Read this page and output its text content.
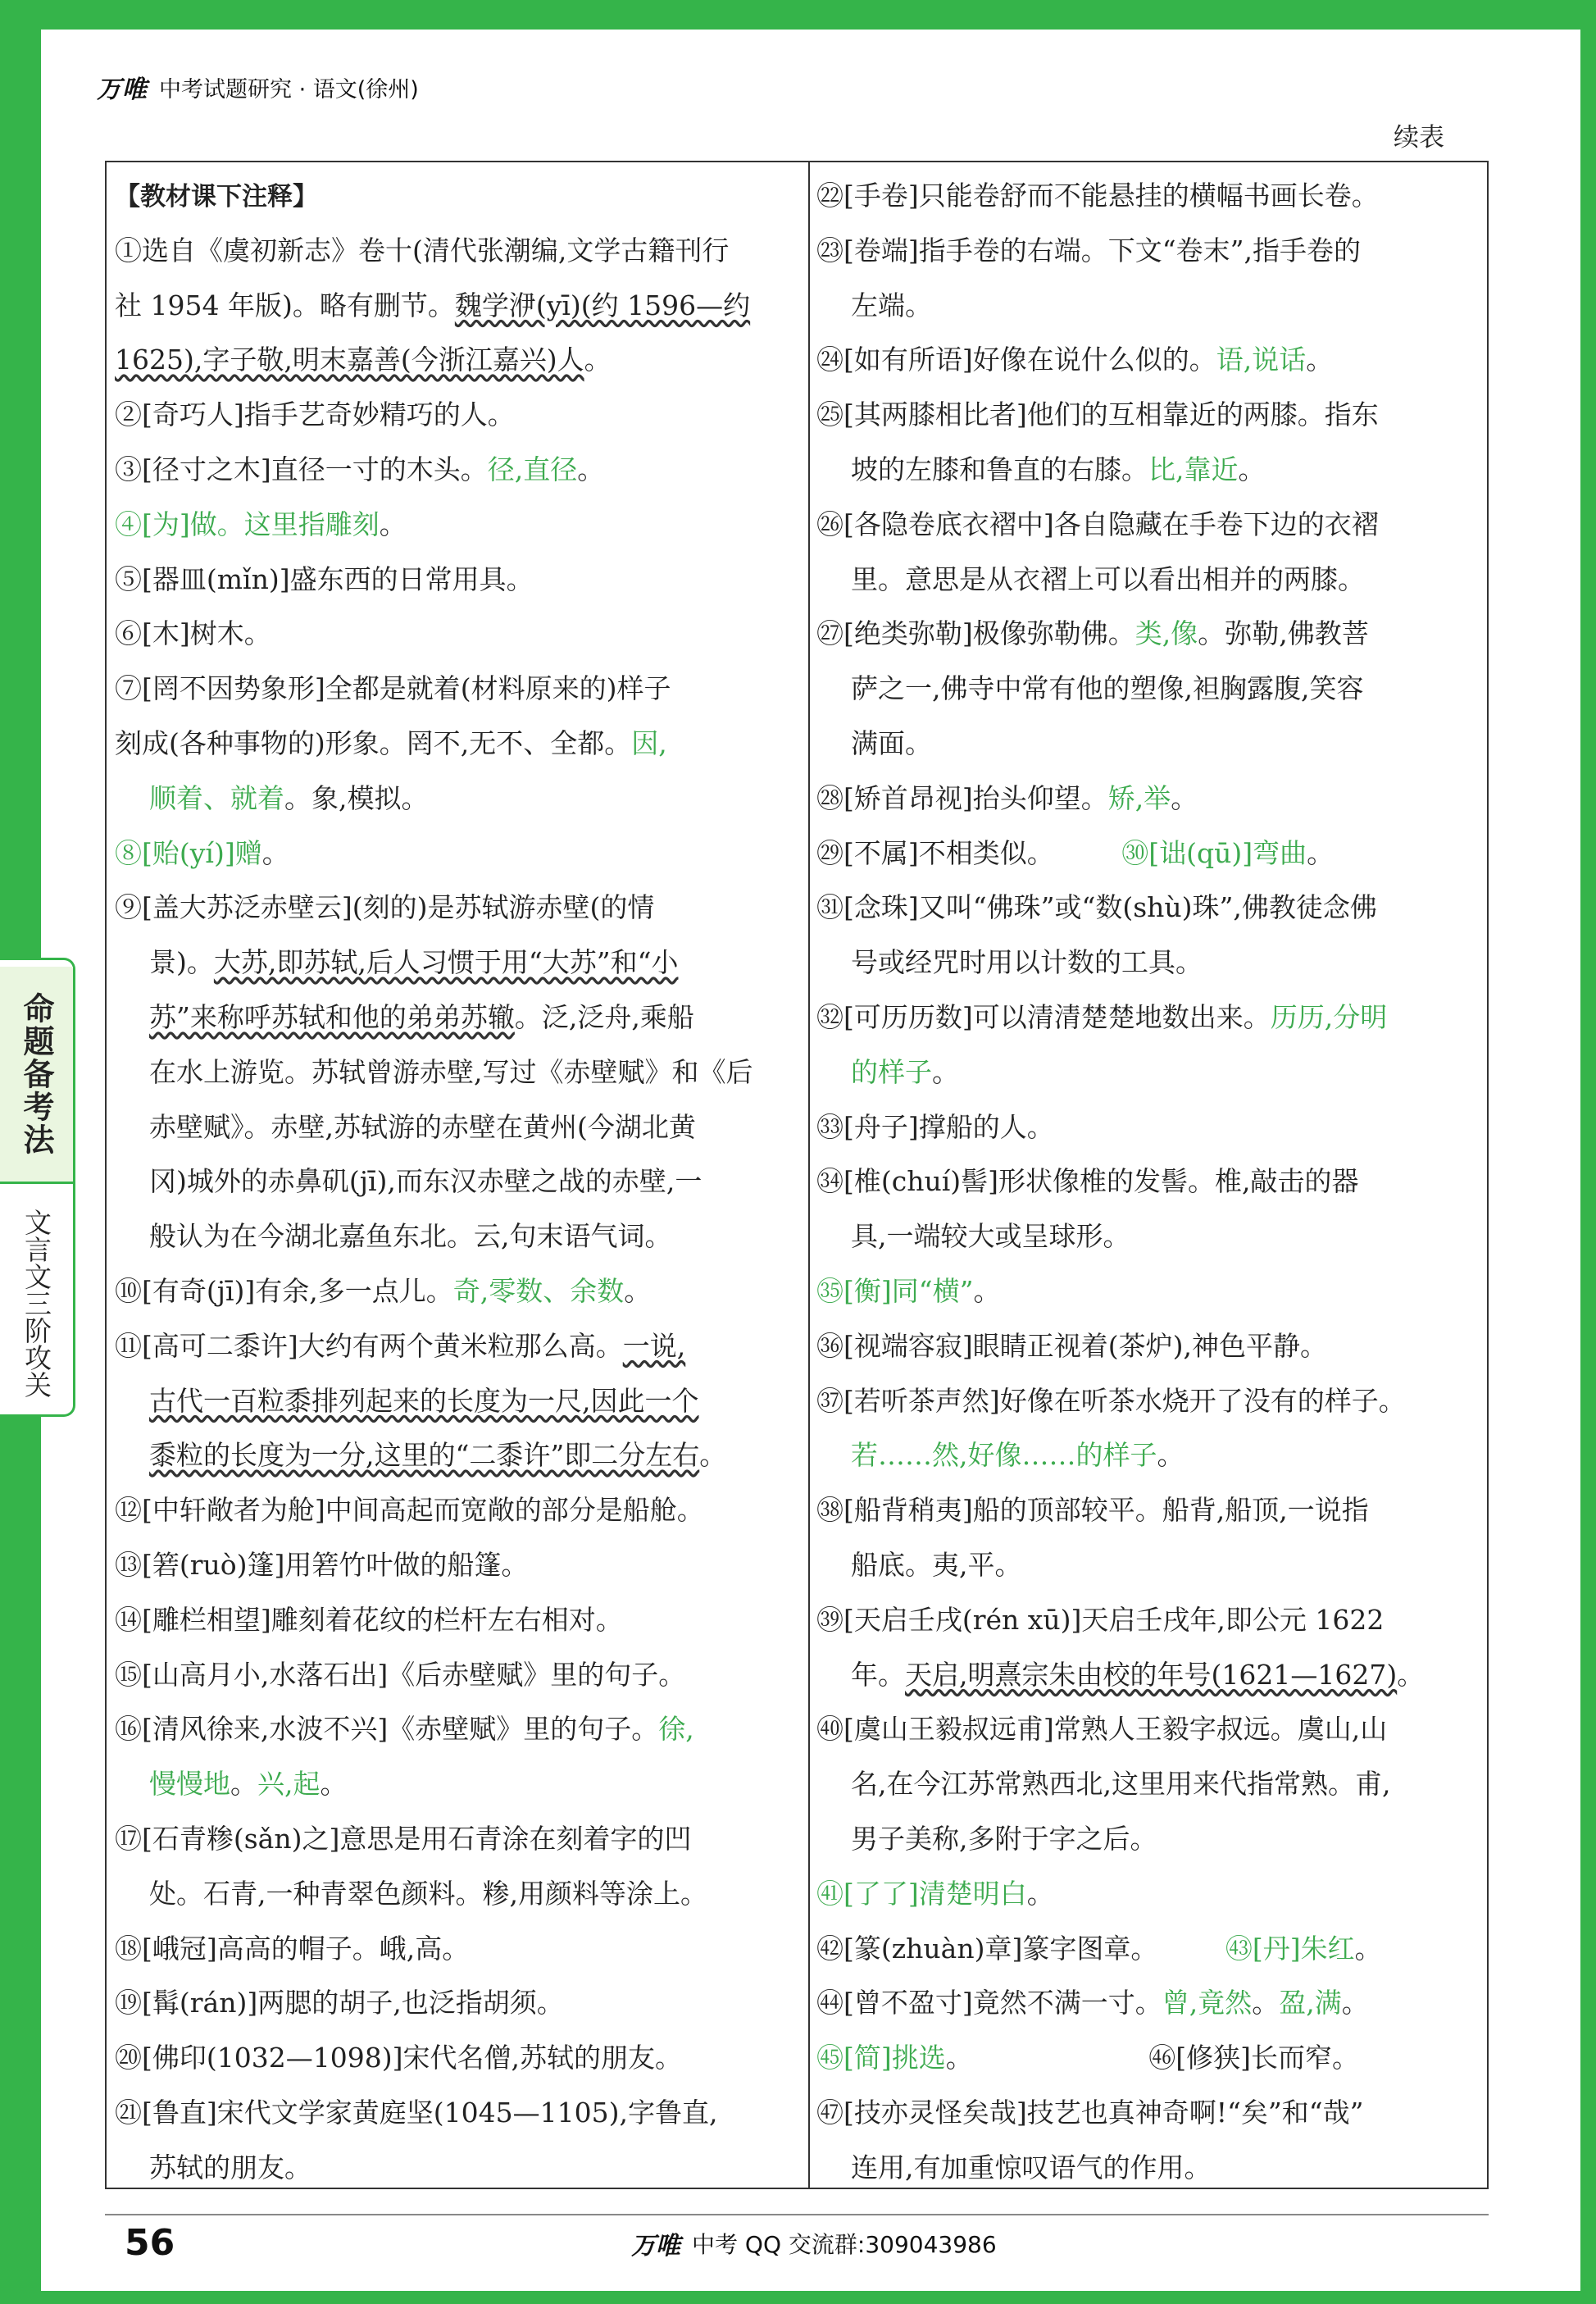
万唯 中考试题研究 · 语文(徐州)
续表
【教材课下注释】
①选自《虞初新志》卷十(清代张潮编,文学古籍刊行
社 1954 年版)。略有删节。魏学洢(yī)(约 1596—约
1625),字子敬,明末嘉善(今浙江嘉兴)人。
②[奇巧人]指手艺奇妙精巧的人。
③[径寸之木]直径一寸的木头。径,直径。
④[为]做。这里指雕刻。
⑤[器皿(mǐn)]盛东西的日常用具。
⑥[木]树木。
⑦[罔不因势象形]全都是就着(材料原来的)样子
刻成(各种事物的)形象。罔不,无不、全都。因,
顺着、就着。象,模拟。
⑧[贻(yí)]赠。
⑨[盖大苏泛赤壁云](刻的)是苏轼游赤壁(的情
景)。大苏,即苏轼,后人习惯于用“大苏”和“小
苏”来称呼苏轼和他的弟弟苏辙。泛,泛舟,乘船
在水上游览。苏轼曾游赤壁,写过《赤壁赋》和《后
赤壁赋》。赤壁,苏轼游的赤壁在黄州(今湖北黄
冈)城外的赤鼻矶(jī),而东汉赤壁之战的赤壁,一
般认为在今湖北嘉鱼东北。云,句末语气词。
⑩[有奇(jī)]有余,多一点儿。奇,零数、余数。
⑪[高可二黍许]大约有两个黄米粒那么高。一说,
古代一百粒黍排列起来的长度为一尺,因此一个
黍粒的长度为一分,这里的“二黍许”即二分左右。
⑫[中轩敞者为舱]中间高起而宽敞的部分是船舱。
⑬[箬(ruò)篷]用箬竹叶做的船篷。
⑭[雕栏相望]雕刻着花纹的栏杆左右相对。
⑮[山高月小,水落石出]《后赤壁赋》里的句子。
⑯[清风徐来,水波不兴]《赤壁赋》里的句子。徐,
慢慢地。兴,起。
⑰[石青糁(sǎn)之]意思是用石青涂在刻着字的凹
处。石青,一种青翠色颜料。糁,用颜料等涂上。
⑱[峨冠]高高的帽子。峨,高。
⑲[髯(rán)]两腮的胡子,也泛指胡须。
⑳[佛印(1032—1098)]宋代名僧,苏轼的朋友。
㉑[鲁直]宋代文学家黄庭坚(1045—1105),字鲁直,
苏轼的朋友。
㉒[手卷]只能卷舒而不能悬挂的横幅书画长卷。
㉓[卷端]指手卷的右端。下文“卷末”,指手卷的
左端。
㉔[如有所语]好像在说什么似的。语,说话。
㉕[其两膝相比者]他们的互相靠近的两膝。指东
坡的左膝和鲁直的右膝。比,靠近。
㉖[各隐卷底衣褶中]各自隐藏在手卷下边的衣褶
里。意思是从衣褶上可以看出相并的两膝。
㉗[绝类弥勒]极像弥勒佛。类,像。弥勒,佛教菩
萨之一,佛寺中常有他的塑像,袒胸露腹,笑容
满面。
㉘[矫首昂视]抬头仰望。矫,举。
㉙[不属]不相类似。　　　	㉚[诎(qū)]弯曲。
㉛[念珠]又叫“佛珠”或“数(shù)珠”,佛教徒念佛
号或经咒时用以计数的工具。
㉜[可历历数]可以清清楚楚地数出来。历历,分明
的样子。
㉝[舟子]撑船的人。
㉞[椎(chuí)髻]形状像椎的发髻。椎,敲击的器
具,一端较大或呈球形。
㉟[衡]同“横”。
㊱[视端容寂]眼睛正视着(茶炉),神色平静。
㊲[若听茶声然]好像在听茶水烧开了没有的样子。
若……然,好像……的样子。
㊳[船背稍夷]船的顶部较平。船背,船顶,一说指
船底。夷,平。
㊴[天启壬戌(rén xū)]天启壬戌年,即公元 1622
年。天启,明熹宗朱由校的年号(1621—1627)。
㊵[虞山王毅叔远甫]常熟人王毅字叔远。虞山,山
名,在今江苏常熟西北,这里用来代指常熟。甫,
男子美称,多附于字之后。
㊶[了了]清楚明白。
㊷[篆(zhuàn)章]篆字图章。　　　	㊸[丹]朱红。
㊹[曾不盈寸]竟然不满一寸。曾,竟然。盈,满。
㊺[简]挑选。　　　　　　　	㊻[修狭]长而窄。
㊼[技亦灵怪矣哉]技艺也真神奇啊!“矣”和“哉”
连用,有加重惊叹语气的作用。
命题备考法
文言文三阶攻关
56	万唯 中考 QQ 交流群:309043986
